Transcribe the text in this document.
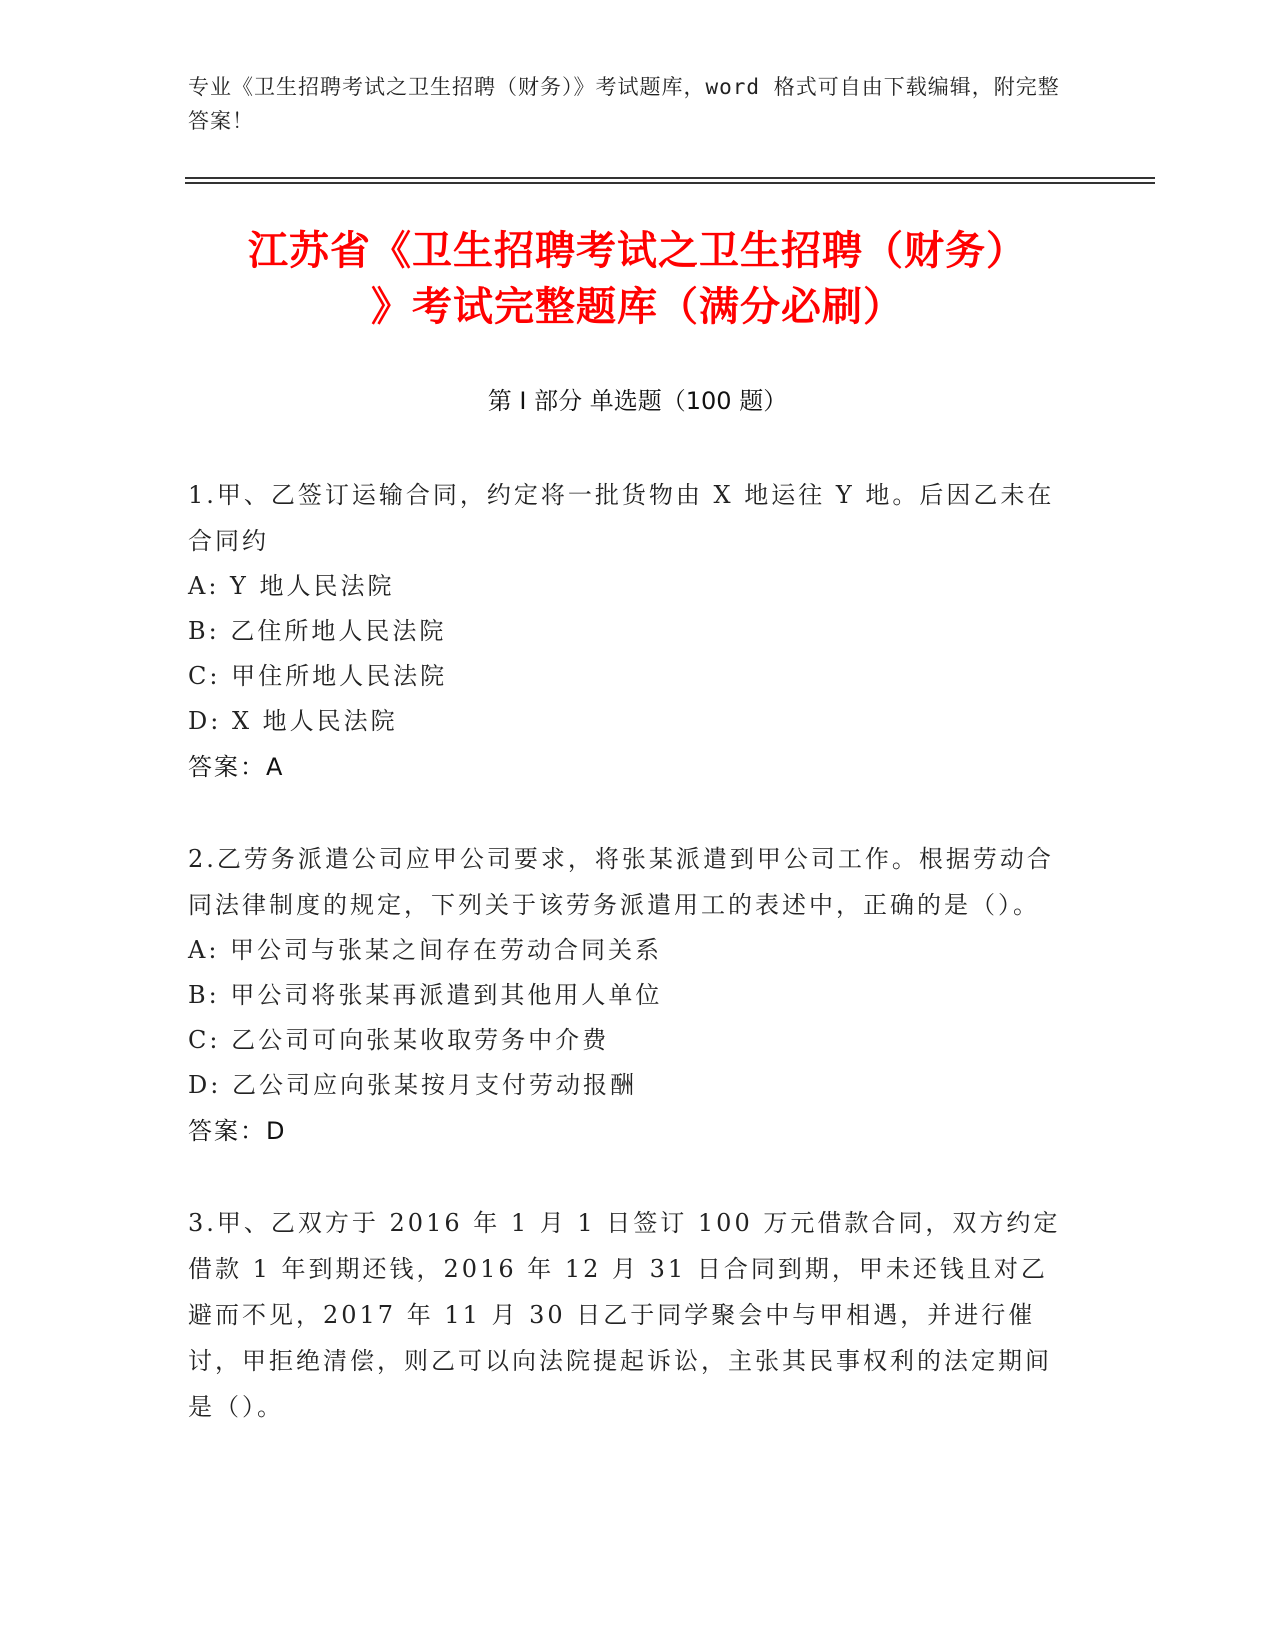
专业《卫生招聘考试之卫生招聘（财务）》考试题库，word 格式可自由下载编辑，附完整答案！
江苏省《卫生招聘考试之卫生招聘（财务）
》考试完整题库（满分必刷）
第 I 部分 单选题（100 题）

1.甲、乙签订运输合同，约定将一批货物由 X 地运往 Y 地。后因乙未在合同约

A: Y 地人民法院

B: 乙住所地人民法院

C: 甲住所地人民法院

D: X 地人民法院

答案：A

2.乙劳务派遣公司应甲公司要求，将张某派遣到甲公司工作。根据劳动合同法律制度的规定，下列关于该劳务派遣用工的表述中，正确的是（）。

A: 甲公司与张某之间存在劳动合同关系

B: 甲公司将张某再派遣到其他用人单位

C: 乙公司可向张某收取劳务中介费

D: 乙公司应向张某按月支付劳动报酬

答案：D

3.甲、乙双方于 2016 年 1 月 1 日签订 100 万元借款合同，双方约定借款 1 年到期还钱，2016 年 12 月 31 日合同到期，甲未还钱且对乙避而不见，2017 年 11 月 30 日乙于同学聚会中与甲相遇，并进行催讨，甲拒绝清偿，则乙可以向法院提起诉讼，主张其民事权利的法定期间是（）。
